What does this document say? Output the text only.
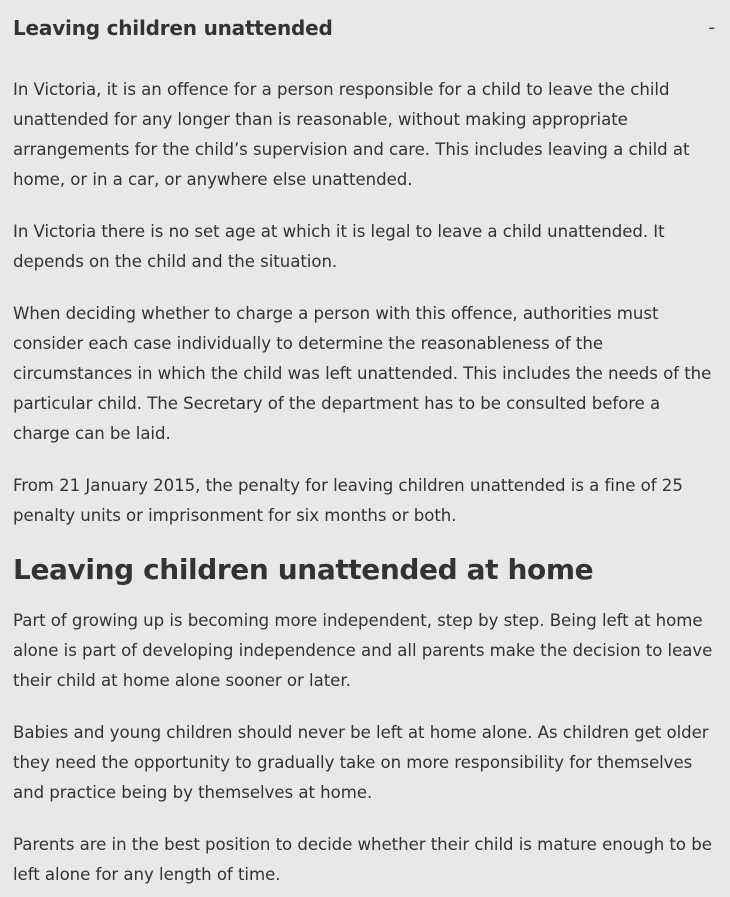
Leaving children unattended	-

In Victoria, it is an offence for a person responsible for a child to leave the child unattended for any longer than is reasonable, without making appropriate arrangements for the child’s supervision and care. This includes leaving a child at home, or in a car, or anywhere else unattended.

In Victoria there is no set age at which it is legal to leave a child unattended. It depends on the child and the situation.

When deciding whether to charge a person with this offence, authorities must consider each case individually to determine the reasonableness of the circumstances in which the child was left unattended. This includes the needs of the particular child. The Secretary of the department has to be consulted before a charge can be laid.

From 21 January 2015, the penalty for leaving children unattended is a fine of 25 penalty units or imprisonment for six months or both.

Leaving children unattended at home

Part of growing up is becoming more independent, step by step. Being left at home alone is part of developing independence and all parents make the decision to leave their child at home alone sooner or later.

Babies and young children should never be left at home alone. As children get older they need the opportunity to gradually take on more responsibility for themselves and practice being by themselves at home.

Parents are in the best position to decide whether their child is mature enough to be left alone for any length of time.
